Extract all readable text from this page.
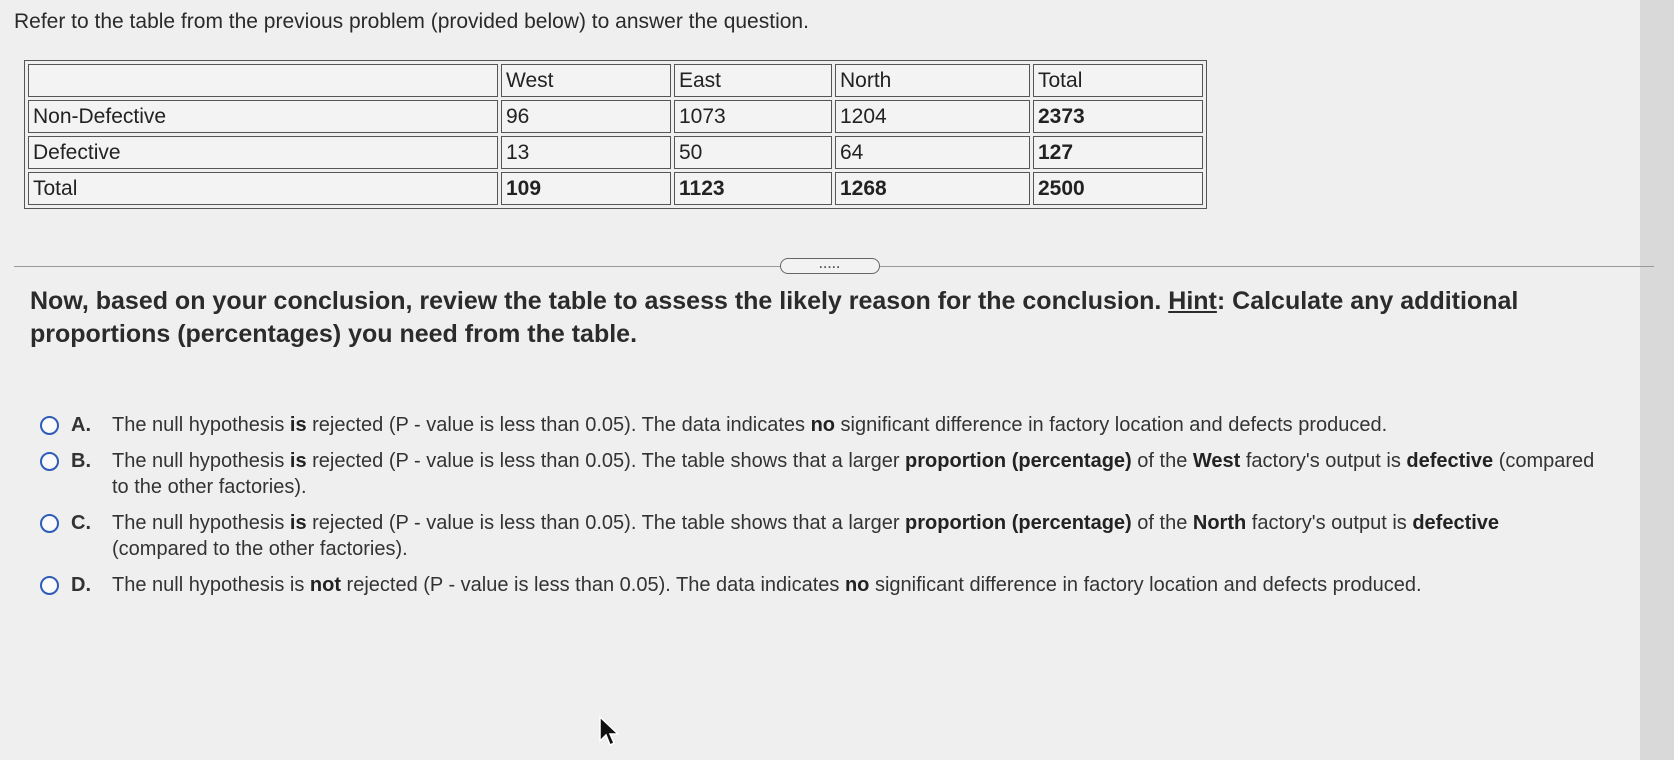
Refer to the table from the previous problem (provided below) to answer the question.
	West	East	North	Total
Non-Defective	96	1073	1204	2373
Defective	13	50	64	127
Total	109	1123	1268	2500
.....
Now, based on your conclusion, review the table to assess the likely reason for the conclusion. Hint: Calculate any additional proportions (percentages) you need from the table.
A. The null hypothesis is rejected (P - value is less than 0.05). The data indicates no significant difference in factory location and defects produced.
B. The null hypothesis is rejected (P - value is less than 0.05). The table shows that a larger proportion (percentage) of the West factory's output is defective (compared to the other factories).
C. The null hypothesis is rejected (P - value is less than 0.05). The table shows that a larger proportion (percentage) of the North factory's output is defective (compared to the other factories).
D. The null hypothesis is not rejected (P - value is less than 0.05). The data indicates no significant difference in factory location and defects produced.
